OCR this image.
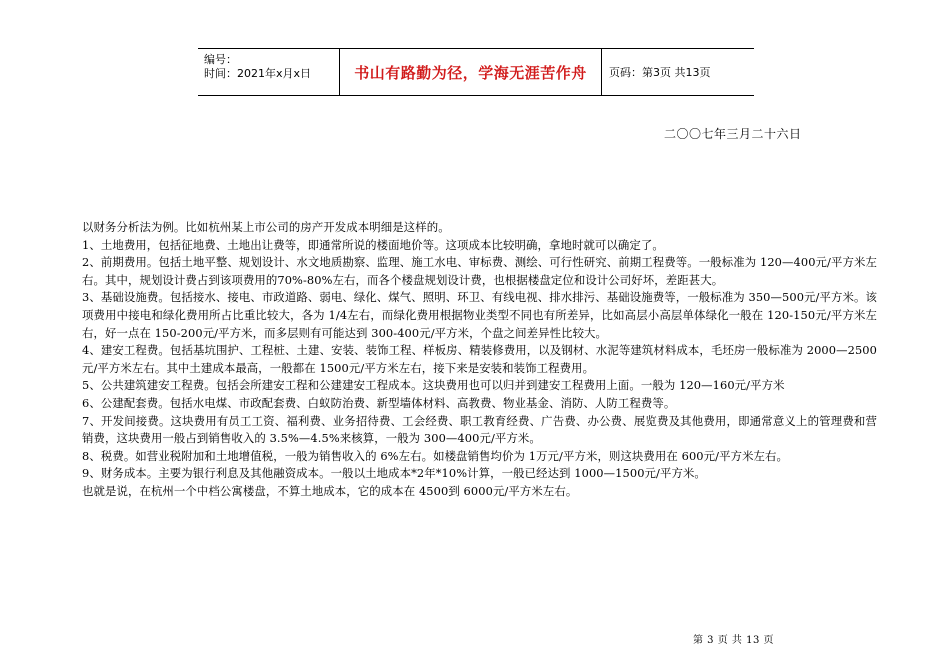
编号：
时间：2021年x月x日	书山有路勤为径，学海无涯苦作舟	页码：第3页 共13页
二〇〇七年三月二十六日

以财务分析法为例。比如杭州某上市公司的房产开发成本明细是这样的。

1、土地费用，包括征地费、土地出让费等，即通常所说的楼面地价等。这项成本比较明确，拿地时就可以确定了。

2、前期费用。包括土地平整、规划设计、水文地质勘察、监理、施工水电、审标费、测绘、可行性研究、前期工程费等。一般标准为 120—400元/平方米左右。其中，规划设计费占到该项费用的70%-80%左右，而各个楼盘规划设计费，也根据楼盘定位和设计公司好坏，差距甚大。

3、基础设施费。包括接水、接电、市政道路、弱电、绿化、煤气、照明、环卫、有线电视、排水排污、基础设施费等，一般标准为 350—500元/平方米。该项费用中接电和绿化费用所占比重比较大，各为 1/4左右，而绿化费用根据物业类型不同也有所差异，比如高层小高层单体绿化一般在 120-150元/平方米左右，好一点在 150-200元/平方米，而多层则有可能达到 300-400元/平方米，个盘之间差异性比较大。

4、建安工程费。包括基坑围护、工程桩、土建、安装、装饰工程、样板房、精装修费用，以及钢材、水泥等建筑材料成本，毛坯房一般标准为 2000—2500元/平方米左右。其中土建成本最高，一般都在 1500元/平方米左右，接下来是安装和装饰工程费用。

5、公共建筑建安工程费。包括会所建安工程和公建建安工程成本。这块费用也可以归并到建安工程费用上面。一般为 120—160元/平方米

6、公建配套费。包括水电煤、市政配套费、白蚁防治费、新型墙体材料、高教费、物业基金、消防、人防工程费等。

7、开发间接费。这块费用有员工工资、福利费、业务招待费、工会经费、职工教育经费、广告费、办公费、展览费及其他费用，即通常意义上的管理费和营销费，这块费用一般占到销售收入的 3.5%—4.5%来核算，一般为 300—400元/平方米。

8、税费。如营业税附加和土地增值税，一般为销售收入的 6%左右。如楼盘销售均价为 1万元/平方米，则这块费用在 600元/平方米左右。

9、财务成本。主要为银行利息及其他融资成本。一般以土地成本*2年*10%计算，一般已经达到 1000—1500元/平方米。

也就是说，在杭州一个中档公寓楼盘，不算土地成本，它的成本在 4500到 6000元/平方米左右。

第 3 页 共 13 页
